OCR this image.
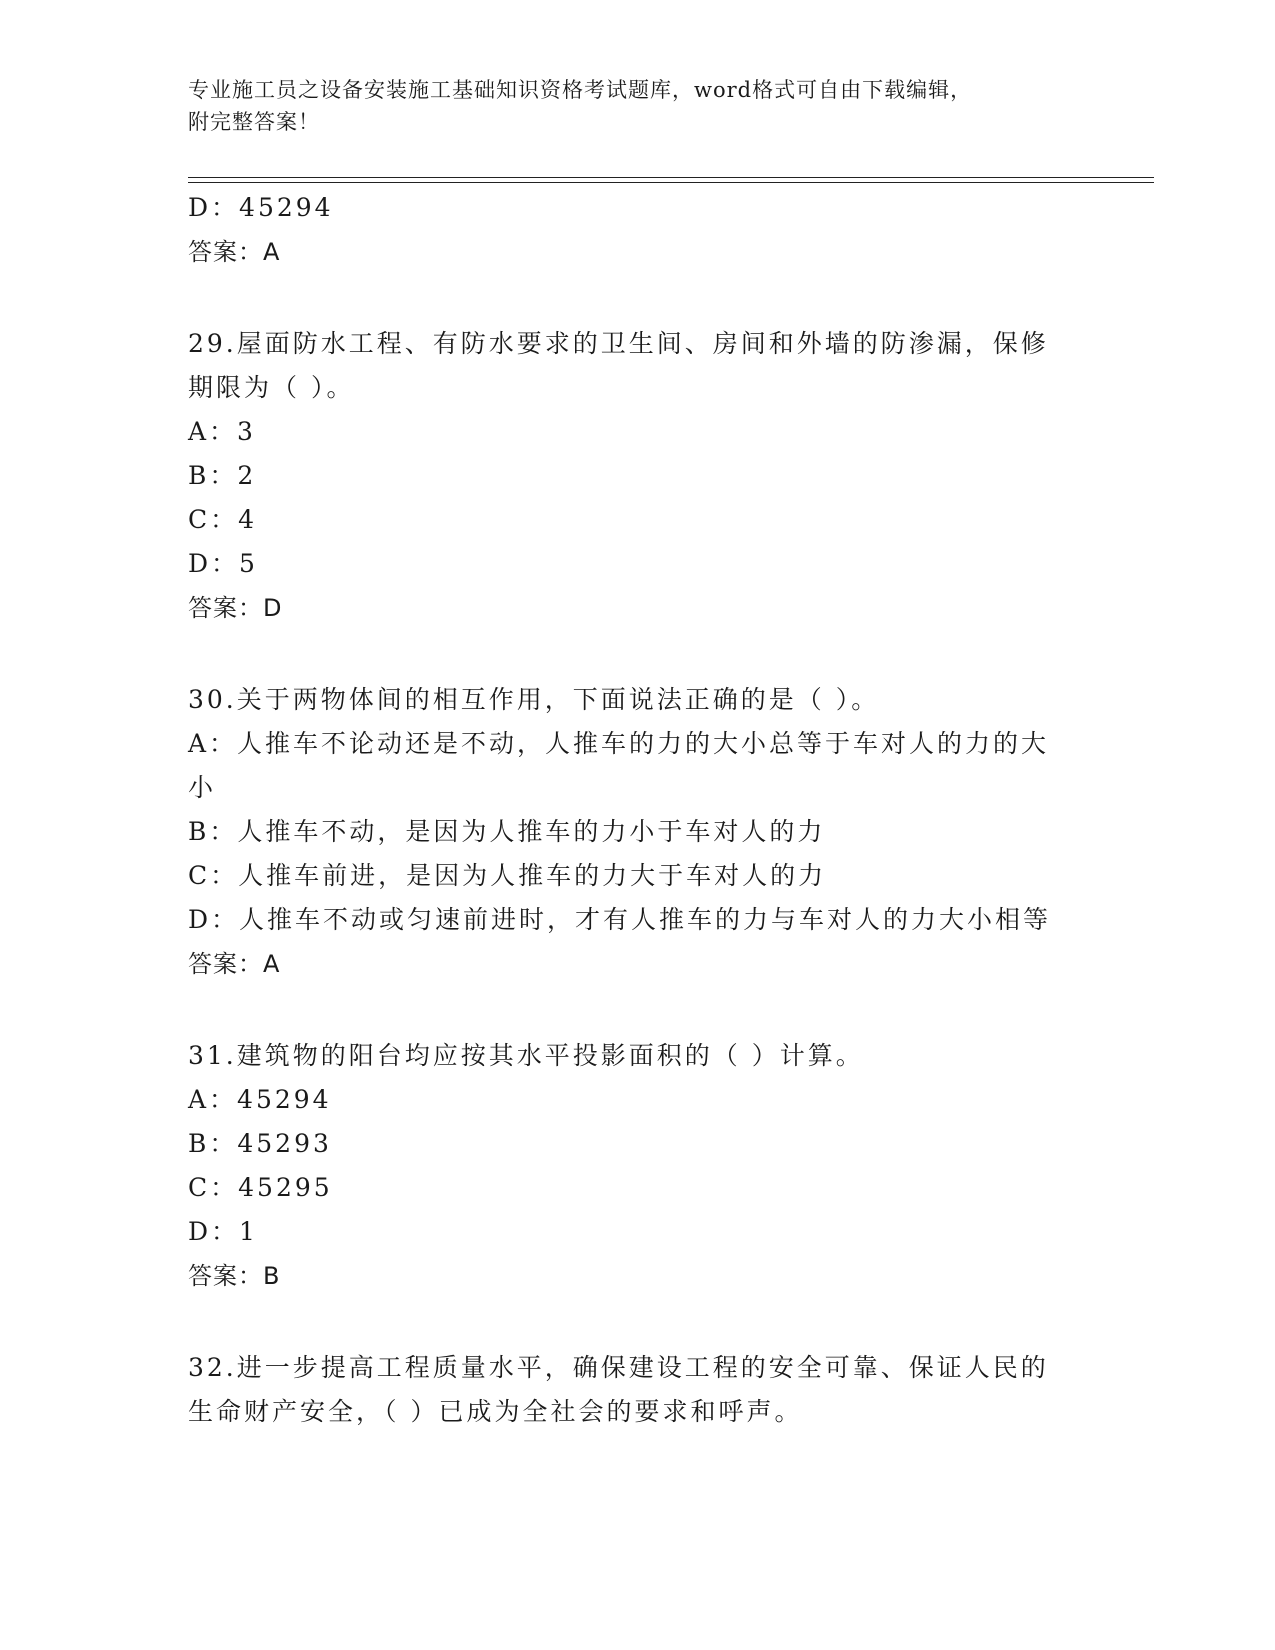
专业施工员之设备安装施工基础知识资格考试题库，word格式可自由下载编辑，
附完整答案！
D：45294
答案：A
29.屋面防水工程、有防水要求的卫生间、房间和外墙的防渗漏，保修
期限为（ ）。
A：3
B：2
C：4
D：5
答案：D
30.关于两物体间的相互作用，下面说法正确的是（ ）。
A：人推车不论动还是不动，人推车的力的大小总等于车对人的力的大
小
B：人推车不动，是因为人推车的力小于车对人的力
C：人推车前进，是因为人推车的力大于车对人的力
D：人推车不动或匀速前进时，才有人推车的力与车对人的力大小相等
答案：A
31.建筑物的阳台均应按其水平投影面积的（ ）计算。
A：45294
B：45293
C：45295
D：1
答案：B
32.进一步提高工程质量水平，确保建设工程的安全可靠、保证人民的
生命财产安全，（ ）已成为全社会的要求和呼声。
